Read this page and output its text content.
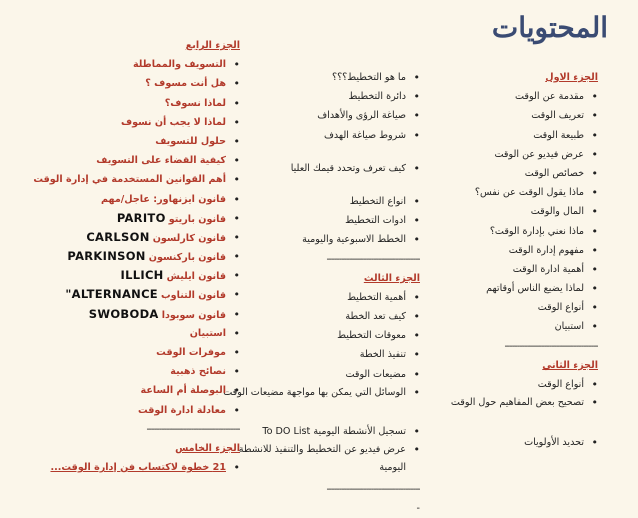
المحتويات
الجزء الاول
• مقدمة عن الوقت
• تعريف الوقت
• طبيعة الوقت
• عرض فيديو عن الوقت
• خصائص الوقت
• ماذا يقول الوقت عن نفس؟
• المال والوقت
• ماذا نعني بإدارة الوقت؟
• مفهوم إدارة الوقت
• أهمية ادارة الوقت
• لماذا يضيع الناس أوقاتهم
• أنواع الوقت
• استبيان
--------------------------------------
الجزء الثاني
• أنواع الوقت
• تصحيح بعض المفاهيم حول الوقت
• تحديد الأولويات
• ما هو التخطيط؟؟؟
• دائرة التخطيط
• صياغة الرؤى والأهداف
• شروط صياغة الهدف
• كيف تعرف وتحدد قيمك العليا
• انواع التخطيط
• ادوات التخطيط
• الخطط الاسبوعية واليومية
--------------------------------------
الجزء الثالث
• أهمية التخطيط
• كيف تعد الخطة
• معوقات التخطيط
• تنفيذ الخطة
• مضيعات الوقت
• الوسائل التي يمكن بها مواجهة مضيعات الوقت
• تسجيل الأنشطة اليومية To DO List
• عرض فيديو عن التخطيط والتنفيذ للانشطة اليومية
--------------------------------------
-
الجزء الرابع
• التسويف والمماطلة
• هل أنت مسوف ؟
• لماذا نسوف؟
• لماذا لا يجب أن نسوف
• حلول للتسويف
• كيفية القضاء على التسويف
• أهم القوانين المستخدمة في إدارة الوقت
• قانون ايزنهاور: عاجل/مهم
• قانون باريتو PARITO
• قانون كارلسون CARLSON
• قانون باركنسون PARKINSON
• قانون ايليش ILLICH
• قانون التناوب ALTERNANCE"
• قانون سوبودا SWOBODA
• استبيان
• موفرات الوقت
• نصائح ذهبية
• البوصلة أم الساعة
• معادلة ادارة الوقت
--------------------------------------
الجزء الخامس
• 21 خطوة لاكتساب فن إدارة الوقت...
